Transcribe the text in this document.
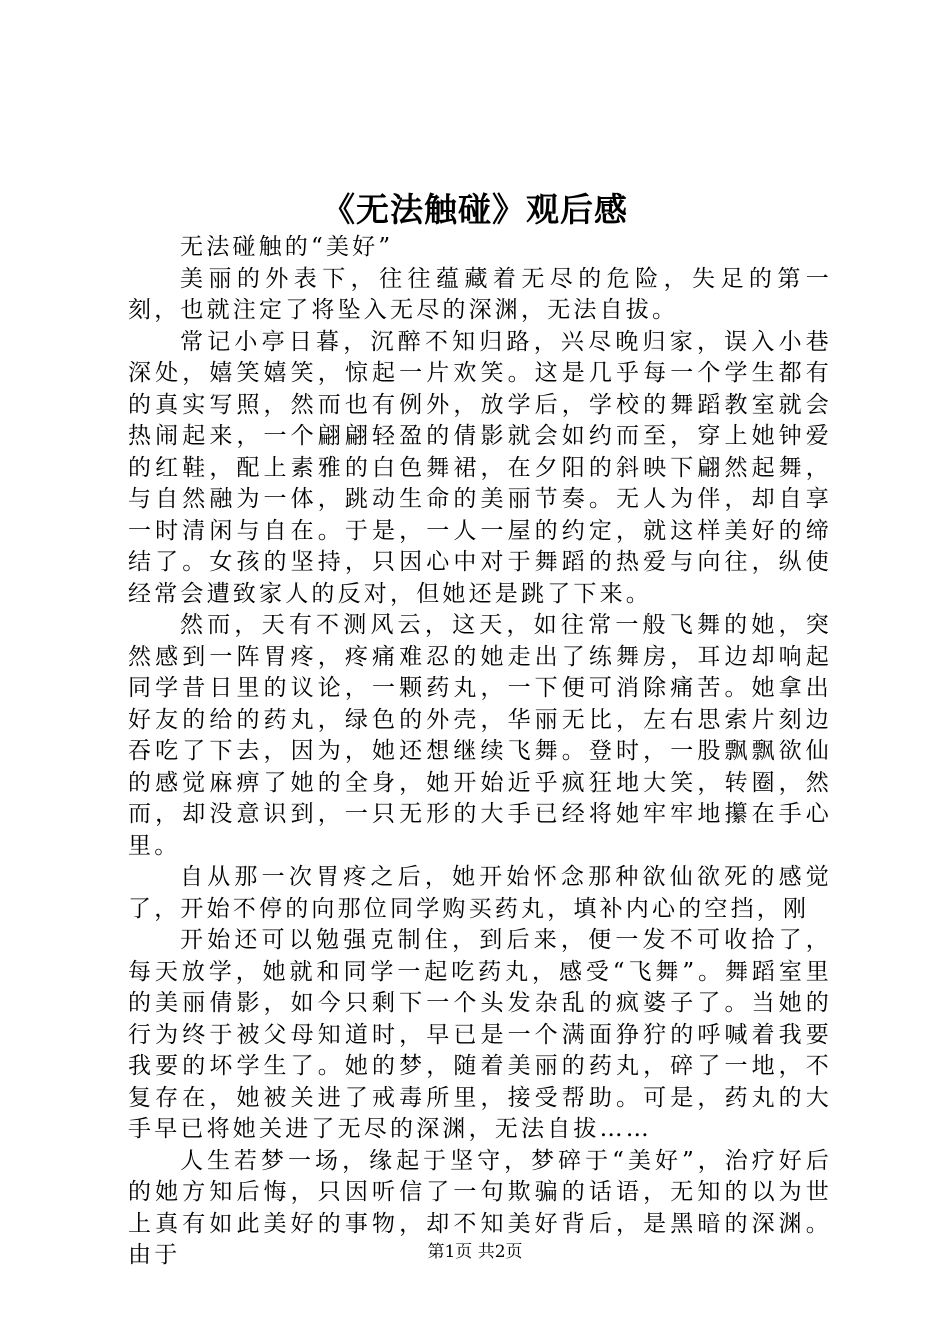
《无法触碰》观后感

无法碰触的“美好”

美丽的外表下，往往蕴藏着无尽的危险，失足的第一刻，也就注定了将坠入无尽的深渊，无法自拔。

常记小亭日暮，沉醉不知归路，兴尽晚归家，误入小巷深处，嬉笑嬉笑，惊起一片欢笑。这是几乎每一个学生都有的真实写照，然而也有例外，放学后，学校的舞蹈教室就会热闹起来，一个翩翩轻盈的倩影就会如约而至，穿上她钟爱的红鞋，配上素雅的白色舞裙，在夕阳的斜映下翩然起舞，与自然融为一体，跳动生命的美丽节奏。无人为伴，却自享一时清闲与自在。于是，一人一屋的约定，就这样美好的缔结了。女孩的坚持，只因心中对于舞蹈的热爱与向往，纵使经常会遭致家人的反对，但她还是跳了下来。

然而，天有不测风云，这天，如往常一般飞舞的她，突然感到一阵胃疼，疼痛难忍的她走出了练舞房，耳边却响起同学昔日里的议论，一颗药丸，一下便可消除痛苦。她拿出好友的给的药丸，绿色的外壳，华丽无比，左右思索片刻边吞吃了下去，因为，她还想继续飞舞。登时，一股飘飘欲仙的感觉麻痹了她的全身，她开始近乎疯狂地大笑，转圈，然而，却没意识到，一只无形的大手已经将她牢牢地攥在手心里。

自从那一次胃疼之后，她开始怀念那种欲仙欲死的感觉了，开始不停的向那位同学购买药丸，填补内心的空挡，刚

开始还可以勉强克制住，到后来，便一发不可收拾了，每天放学，她就和同学一起吃药丸，感受“飞舞”。舞蹈室里的美丽倩影，如今只剩下一个头发杂乱的疯婆子了。当她的行为终于被父母知道时，早已是一个满面狰狞的呼喊着我要我要的坏学生了。她的梦，随着美丽的药丸，碎了一地，不复存在，她被关进了戒毒所里，接受帮助。可是，药丸的大手早已将她关进了无尽的深渊，无法自拔……

人生若梦一场，缘起于坚守，梦碎于“美好”，治疗好后的她方知后悔，只因听信了一句欺骗的话语，无知的以为世上真有如此美好的事物，却不知美好背后，是黑暗的深渊。由于	第1页 共2页
